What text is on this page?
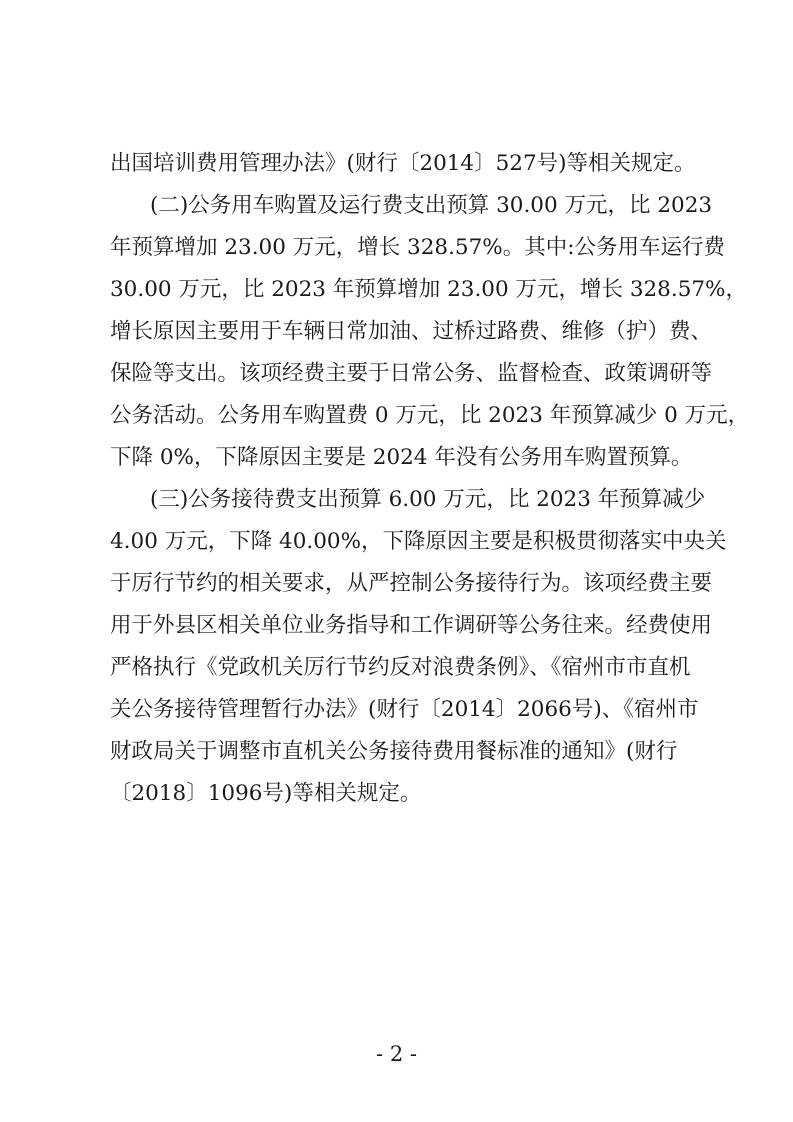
出国培训费用管理办法》(财行〔2014〕527号)等相关规定。
(二)公务用车购置及运行费支出预算 30.00 万元，比 2023
年预算增加 23.00 万元，增长 328.57%。其中:公务用车运行费
30.00 万元，比 2023 年预算增加 23.00 万元，增长 328.57%，
增长原因主要用于车辆日常加油、过桥过路费、维修（护）费、
保险等支出。该项经费主要于日常公务、监督检查、政策调研等
公务活动。公务用车购置费 0 万元，比 2023 年预算减少 0 万元，
下降 0%，下降原因主要是 2024 年没有公务用车购置预算。
(三)公务接待费支出预算 6.00 万元，比 2023 年预算减少
4.00 万元，下降 40.00%，下降原因主要是积极贯彻落实中央关
于厉行节约的相关要求，从严控制公务接待行为。该项经费主要
用于外县区相关单位业务指导和工作调研等公务往来。经费使用
严格执行《党政机关厉行节约反对浪费条例》、《宿州市市直机
关公务接待管理暂行办法》(财行〔2014〕2066号)、《宿州市
财政局关于调整市直机关公务接待费用餐标准的通知》(财行
〔2018〕1096号)等相关规定。
- 2 -
